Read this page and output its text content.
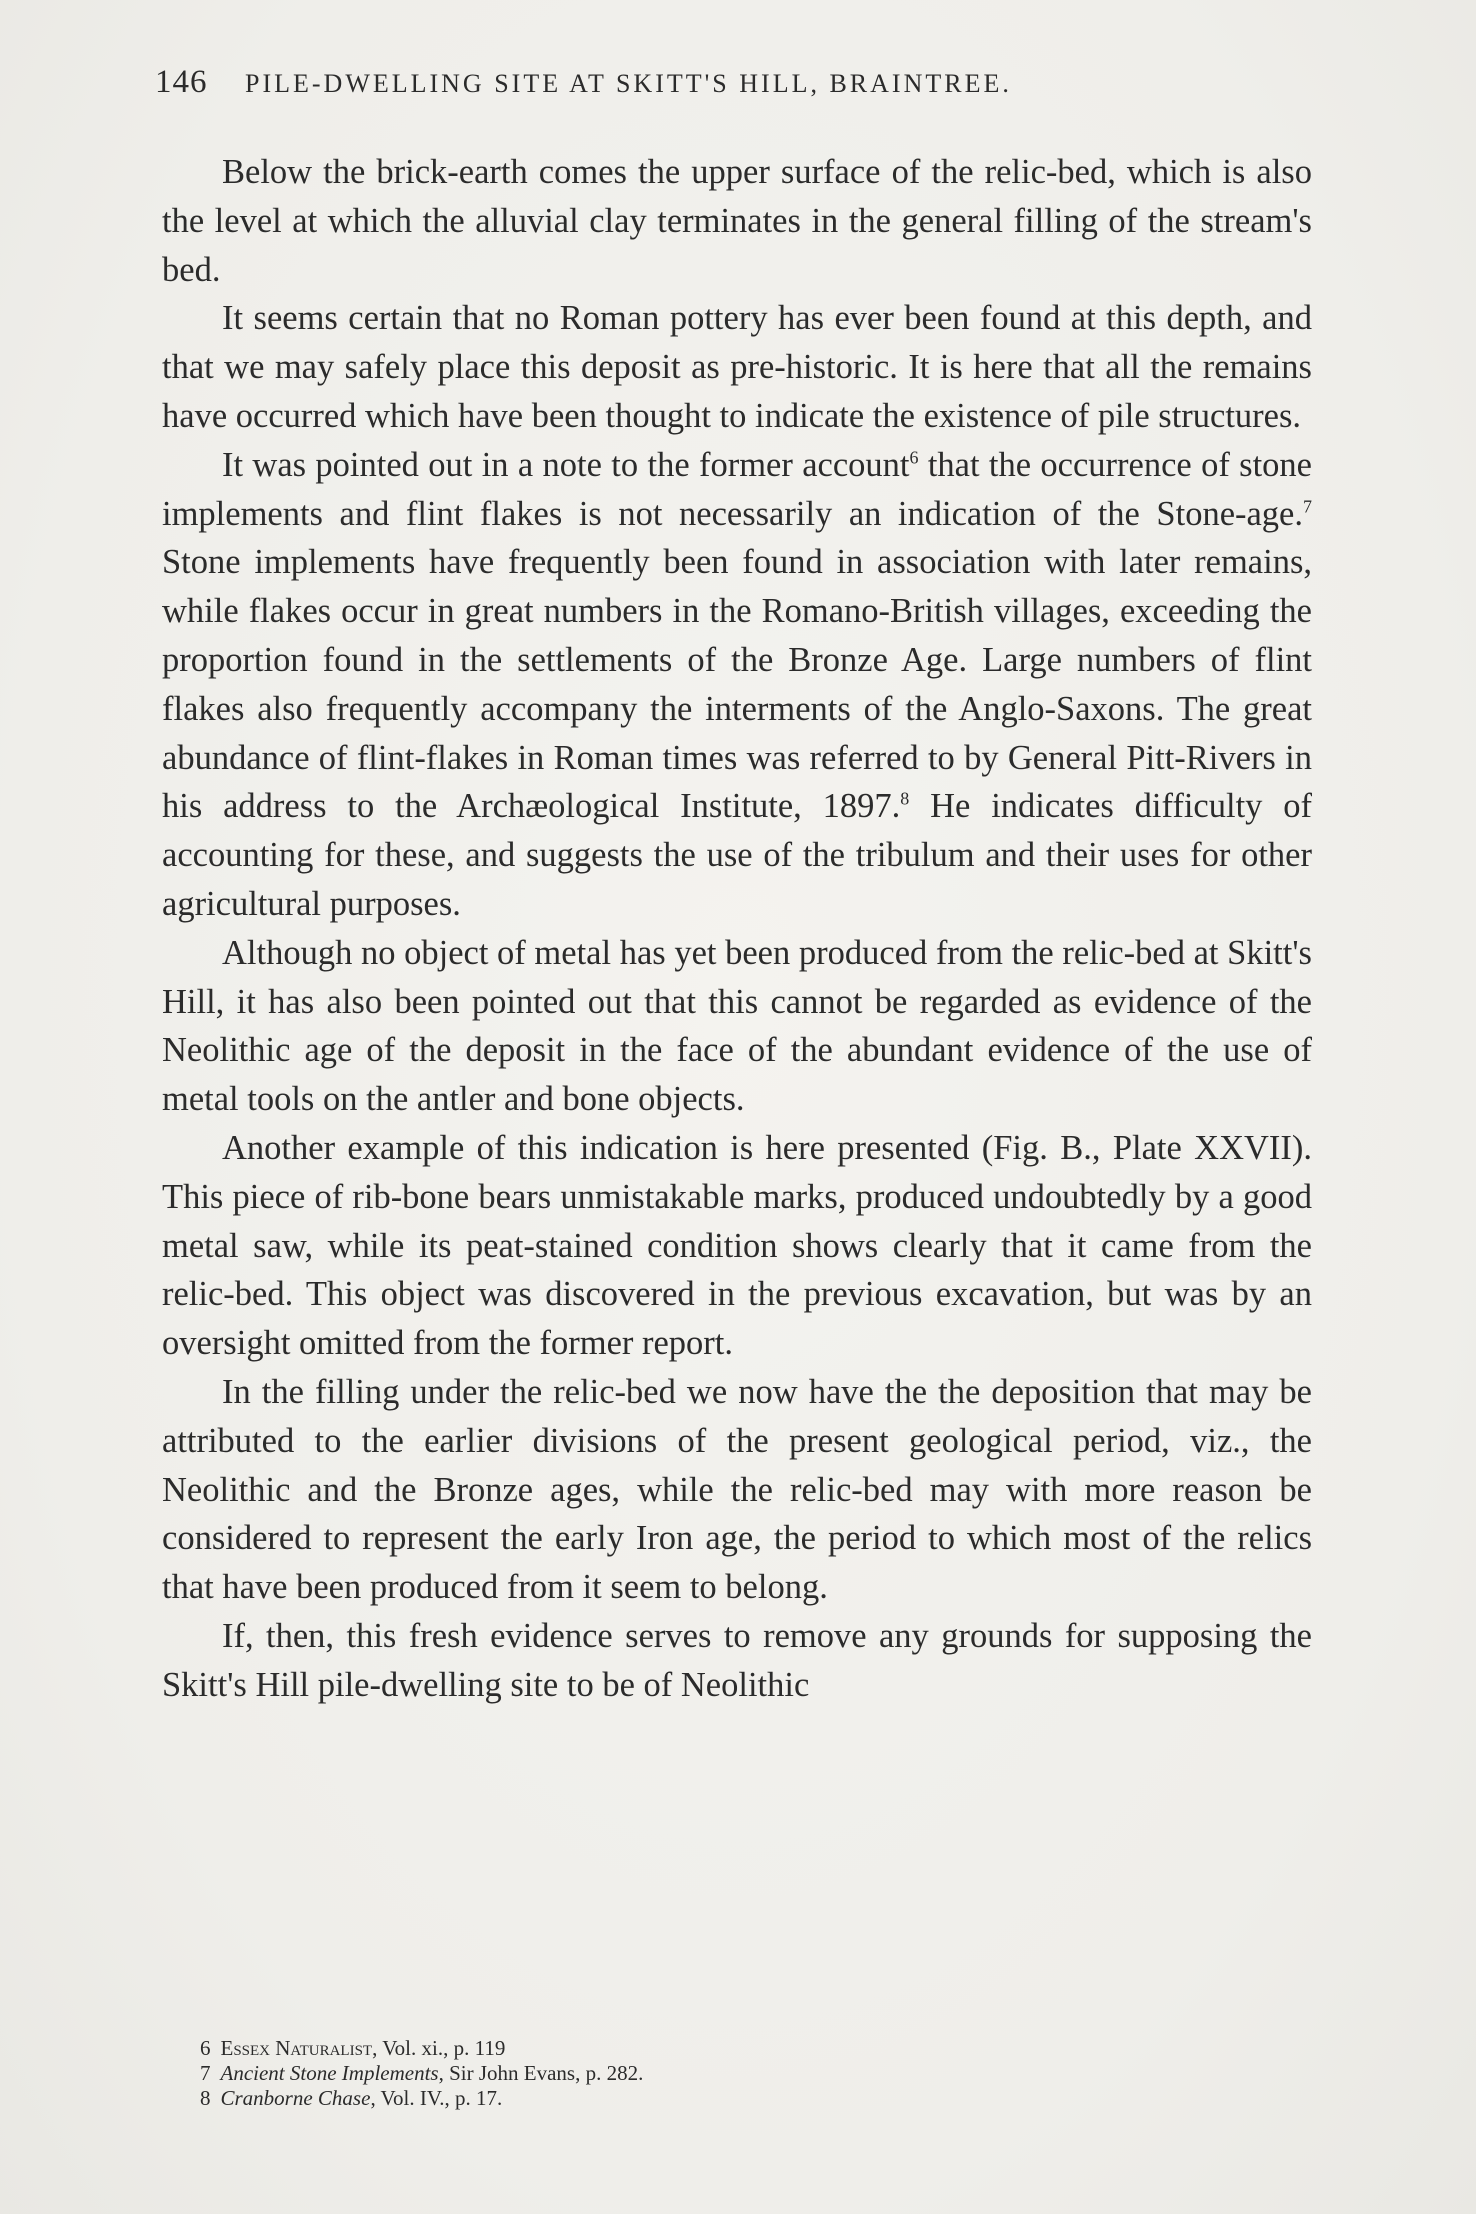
146 PILE-DWELLING SITE AT SKITT'S HILL, BRAINTREE.

Below the brick-earth comes the upper surface of the relic-bed, which is also the level at which the alluvial clay terminates in the general filling of the stream's bed.

It seems certain that no Roman pottery has ever been found at this depth, and that we may safely place this deposit as pre-historic. It is here that all the remains have occurred which have been thought to indicate the existence of pile structures.

It was pointed out in a note to the former account$^6$ that the occurrence of stone implements and flint flakes is not necessarily an indication of the Stone-age.$^7$ Stone implements have frequently been found in association with later remains, while flakes occur in great numbers in the Romano-British villages, exceeding the proportion found in the settlements of the Bronze Age. Large numbers of flint flakes also frequently accompany the interments of the Anglo-Saxons. The great abundance of flint-flakes in Roman times was referred to by General Pitt-Rivers in his address to the Archæological Institute, 1897.$^8$ He indicates difficulty of accounting for these, and suggests the use of the tribulum and their uses for other agricultural purposes.

Although no object of metal has yet been produced from the relic-bed at Skitt's Hill, it has also been pointed out that this cannot be regarded as evidence of the Neolithic age of the deposit in the face of the abundant evidence of the use of metal tools on the antler and bone objects.

Another example of this indication is here presented (Fig. B., Plate XXVII). This piece of rib-bone bears unmistakable marks, produced undoubtedly by a good metal saw, while its peat-stained condition shows clearly that it came from the relic-bed. This object was discovered in the previous excavation, but was by an oversight omitted from the former report.

In the filling under the relic-bed we now have the the deposition that may be attributed to the earlier divisions of the present geological period, viz., the Neolithic and the Bronze ages, while the relic-bed may with more reason be considered to represent the early Iron age, the period to which most of the relics that have been produced from it seem to belong.

If, then, this fresh evidence serves to remove any grounds for supposing the Skitt's Hill pile-dwelling site to be of Neolithic

6 Essex Naturalist, Vol. xi., p. 119

7 Ancient Stone Implements, Sir John Evans, p. 282.

8 Cranborne Chase, Vol. IV., p. 17.
